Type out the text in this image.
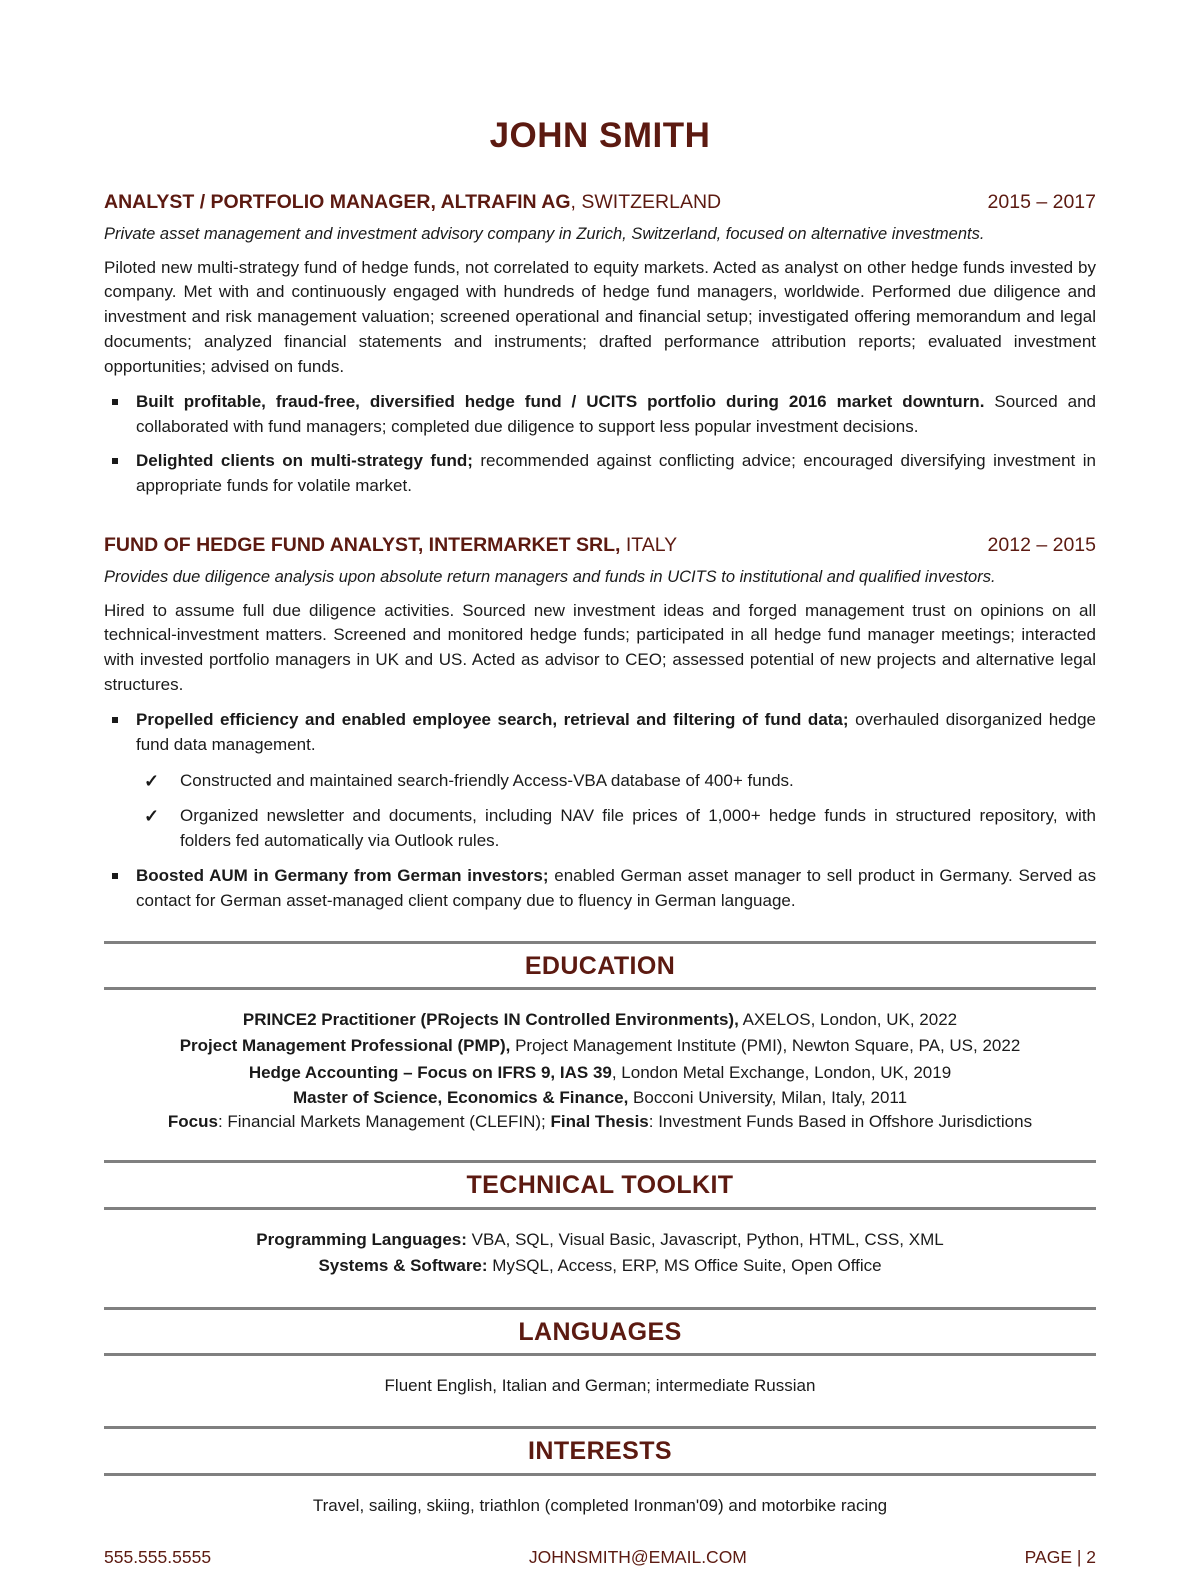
JOHN SMITH
ANALYST / PORTFOLIO MANAGER, ALTRAFIN AG, SWITZERLAND	2015 – 2017
Private asset management and investment advisory company in Zurich, Switzerland, focused on alternative investments.
Piloted new multi-strategy fund of hedge funds, not correlated to equity markets. Acted as analyst on other hedge funds invested by company. Met with and continuously engaged with hundreds of hedge fund managers, worldwide. Performed due diligence and investment and risk management valuation; screened operational and financial setup; investigated offering memorandum and legal documents; analyzed financial statements and instruments; drafted performance attribution reports; evaluated investment opportunities; advised on funds.
Built profitable, fraud-free, diversified hedge fund / UCITS portfolio during 2016 market downturn. Sourced and collaborated with fund managers; completed due diligence to support less popular investment decisions.
Delighted clients on multi-strategy fund; recommended against conflicting advice; encouraged diversifying investment in appropriate funds for volatile market.
FUND OF HEDGE FUND ANALYST, INTERMARKET SRL, ITALY	2012 – 2015
Provides due diligence analysis upon absolute return managers and funds in UCITS to institutional and qualified investors.
Hired to assume full due diligence activities. Sourced new investment ideas and forged management trust on opinions on all technical-investment matters. Screened and monitored hedge funds; participated in all hedge fund manager meetings; interacted with invested portfolio managers in UK and US. Acted as advisor to CEO; assessed potential of new projects and alternative legal structures.
Propelled efficiency and enabled employee search, retrieval and filtering of fund data; overhauled disorganized hedge fund data management.
✓ Constructed and maintained search-friendly Access-VBA database of 400+ funds.
✓ Organized newsletter and documents, including NAV file prices of 1,000+ hedge funds in structured repository, with folders fed automatically via Outlook rules.
Boosted AUM in Germany from German investors; enabled German asset manager to sell product in Germany. Served as contact for German asset-managed client company due to fluency in German language.
EDUCATION
PRINCE2 Practitioner (PRojects IN Controlled Environments), AXELOS, London, UK, 2022
Project Management Professional (PMP), Project Management Institute (PMI), Newton Square, PA, US, 2022
Hedge Accounting – Focus on IFRS 9, IAS 39, London Metal Exchange, London, UK, 2019
Master of Science, Economics & Finance, Bocconi University, Milan, Italy, 2011
Focus: Financial Markets Management (CLEFIN); Final Thesis: Investment Funds Based in Offshore Jurisdictions
TECHNICAL TOOLKIT
Programming Languages: VBA, SQL, Visual Basic, Javascript, Python, HTML, CSS, XML
Systems & Software: MySQL, Access, ERP, MS Office Suite, Open Office
LANGUAGES
Fluent English, Italian and German; intermediate Russian
INTERESTS
Travel, sailing, skiing, triathlon (completed Ironman'09) and motorbike racing
555.555.5555	JOHNSMITH@EMAIL.COM	PAGE | 2
